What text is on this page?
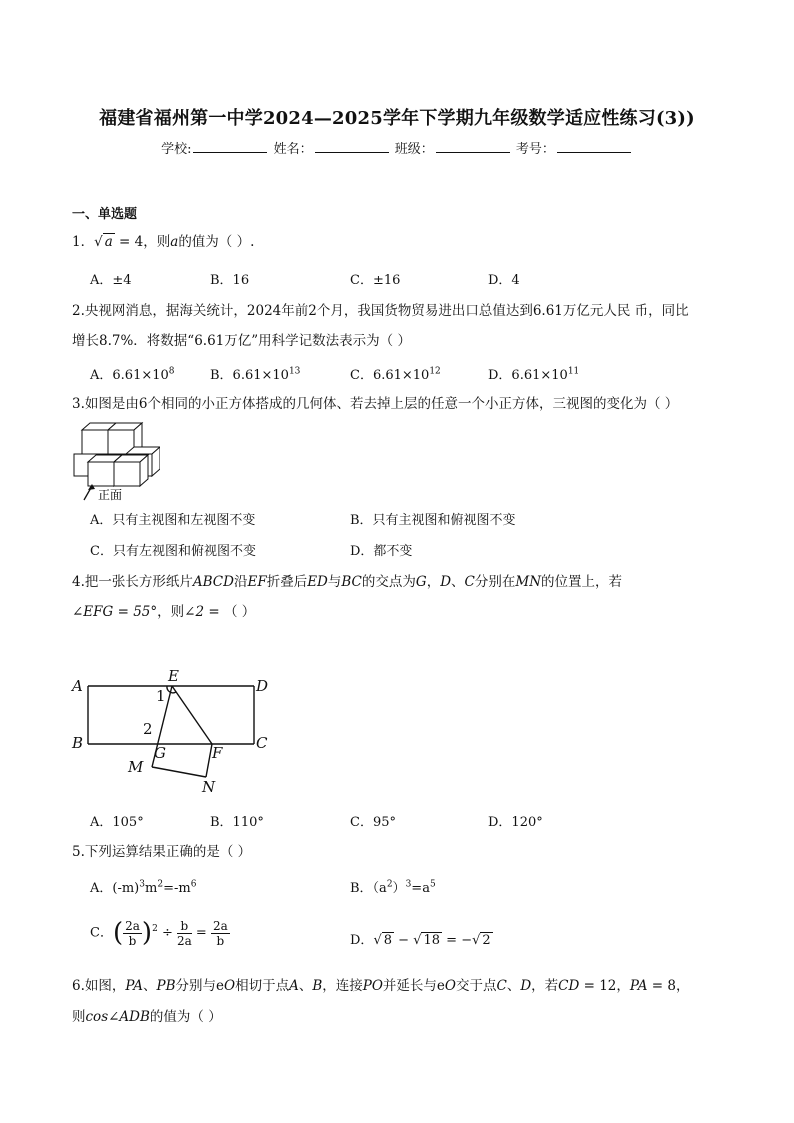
福建省福州第一中学2024—2025学年下学期九年级数学适应性练习(3))
学校:	姓名：	班级：	考号：
一、单选题
1．√ a = 4，则a的值为（ ）.
A．±4	B．16	C．±16	D．4
2.央视网消息，据海关统计，2024年前2个月，我国货物贸易进出口总值达到6.61万亿元人民 币，同比
增长8.7%．将数据“6.61万亿”用科学记数法表示为（ ）
A．$6.61\times 10^8$	B．$6.61\times 10^{13}$	C．$6.61\times 10^{12}$	D．$6.61\times 10^{11}$
3.如图是由6个相同的小正方体搭成的几何体、若去掉上层的任意一个小正方体，三视图的变化为（ ）
正面
A．只有主视图和左视图不变	B．只有主视图和俯视图不变
C．只有左视图和俯视图不变	D．都不变
4.把一张长方形纸片ABCD沿EF折叠后ED与BC的交点为G，D、C分别在MN的位置上，若
∠EFG = 55°，则∠2 = （ ）
A
B	C
D
E
F
G
M
N
1
2
A．105°	B．110°	C．95°	D．120°
5.下列运算结果正确的是（ ）
A．$(-m)^3m^2=-m^6$	B．$(a^2)^3=a^5$
C．( $\frac{2a}{b} )^2 \div \frac{b}{2a} = \frac{2a}{b}$	D．√ 8 − √ 18 = −√ 2
6.如图，PA、PB分别与eO相切于点A、B，连接PO并延长与eO交于点C、D，若CD = 12，PA = 8，
则cos∠ADB的值为（ ）
